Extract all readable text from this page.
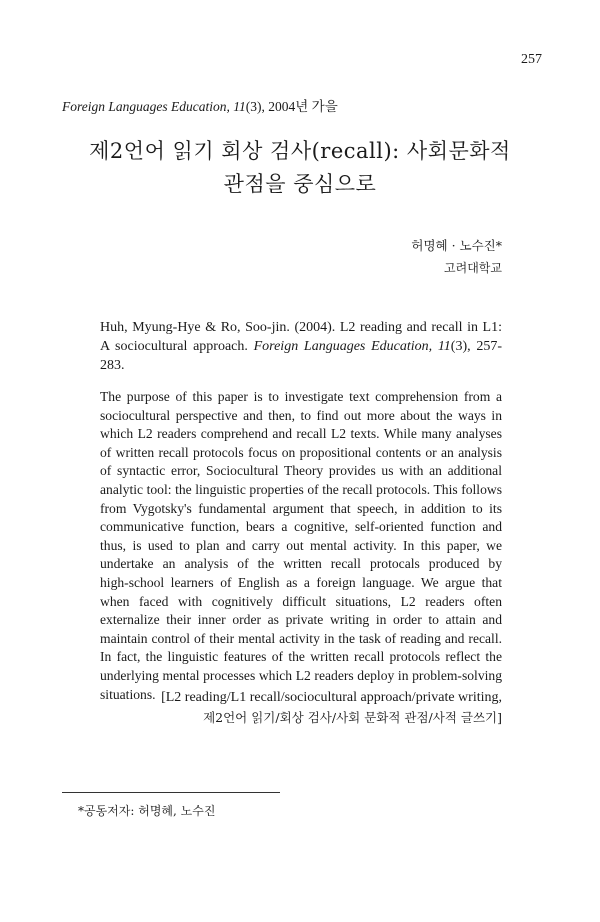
257
Foreign Languages Education, 11(3), 2004년 가을
제2언어 읽기 회상 검사(recall): 사회문화적
관점을 중심으로
허명혜 · 노수진*
고려대학교
Huh, Myung-Hye & Ro, Soo-jin. (2004). L2 reading and recall in L1: A sociocultural approach. Foreign Languages Education, 11(3), 257-283.
The purpose of this paper is to investigate text comprehension from a
sociocultural perspective and then, to find out more about the ways in
which L2 readers comprehend and recall L2 texts. While many analyses
of written recall protocols focus on propositional contents or an analysis
of syntactic error, Sociocultural Theory provides us with an additional
analytic tool: the linguistic properties of the recall protocols. This follows
from Vygotsky's fundamental argument that speech, in addition to its
communicative function, bears a cognitive, self-oriented function and
thus, is used to plan and carry out mental activity. In this paper, we
undertake an analysis of the written recall protocals produced by
high-school learners of English as a foreign language. We argue that
when faced with cognitively difficult situations, L2 readers often
externalize their inner order as private writing in order to attain and
maintain control of their mental activity in the task of reading and recall.
In fact, the linguistic features of the written recall protocols reflect the
underlying mental processes which L2 readers deploy in problem-solving
situations. [L2 reading/L1 recall/sociocultural approach/private writing,
제2언어 읽기/회상 검사/사회 문화적 관점/사적 글쓰기]
*공동저자: 허명혜, 노수진
